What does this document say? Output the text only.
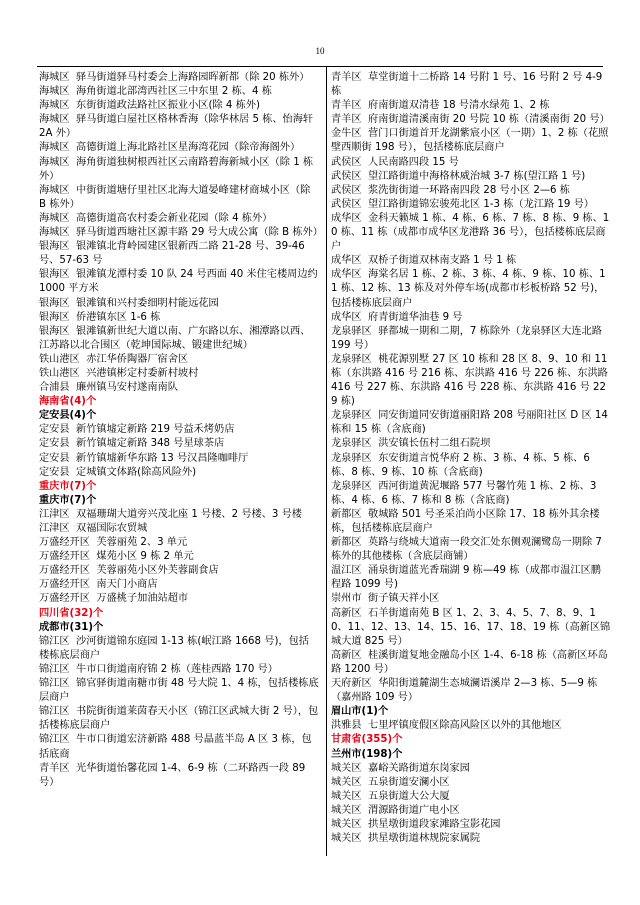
10
海城区  驿马街道驿马村委会上海路园晖新都（除 20 栋外）
海城区  海角街道北部湾西社区三中东里 2 栋、4 栋
海城区  东街街道政法路社区振业小区(除 4 栋外)
海城区  驿马街道白屋社区格林香海（除华林居 5 栋、怡海轩 2A 外）
海城区  高德街道上海北路社区星海湾花园（除帝海阁外）
海城区  海角街道独树根西社区云南路碧海新城小区（除 1 栋外）
海城区  中街街道塘仔里社区北海大道晏峰建材商城小区（除 B 栋外）
海城区  高德街道高农村委会新业花园（除 4 栋外）
海城区  驿马街道西塘社区源丰路 29 号大成公寓（除 B 栋外）
银海区  银滩镇北背岭园建区银新西二路 21-28 号、39-46 号、57-63 号
银海区  银滩镇龙潭村委 10 队 24 号西面 40 米住宅楼周边约 1000 平方米
银海区  银滩镇和兴村委细明村能远花园
银海区  侨港镇东区 1-6 栋
银海区  银滩镇新世纪大道以南、广东路以东、湘潭路以西、江苏路以北合围区（乾坤国际城、锻建世纪城）
铁山港区  赤江华侨陶器厂宿舍区
铁山港区  兴港镇彬定村委新村坡村
合浦县  廉州镇马安村遂南南队
海南省(4)个
定安县(4)个
定安县  新竹镇墟定新路 219 号益禾烤奶店
定安县  新竹镇墟定新路 348 号星球茶店
定安县  新竹镇墟新华东路 13 号汉昌隆咖啡厅
定安县  定城镇文体路(除高风险外)
重庆市(7)个
重庆市(7)个
江津区  双福珊瑚大道旁兴茂北座 1 号楼、2 号楼、3 号楼
江津区  双福国际农贸城
万盛经开区  芙蓉丽苑 2、3 单元
万盛经开区  煤苑小区 9 栋 2 单元
万盛经开区  芙蓉丽苑小区外芙蓉副食店
万盛经开区  南天门小商店
万盛经开区  万盛桃子加油站超市
四川省(32)个
成都市(31)个
锦江区  沙河街道锦东庭园 1-13 栋(岷江路 1668 号)，包括楼栋底层商户
锦江区  牛市口街道南府锦 2 栋（莲桂西路 170 号）
锦江区  锦官驿街道南糖市街 48 号大院 1、4 栋，包括楼栋底层商户
锦江区  书院街街道莱茵春天小区（锦江区武城大街 2 号），包括楼栋底层商户
锦江区  牛市口街道宏济新路 488 号晶蓝半岛 A 区 3 栋，包括底商
青羊区  光华街道怡馨花园 1-4、6-9 栋（二环路西一段 89 号）
青羊区  草堂街道十二桥路 14 号附 1 号、16 号附 2 号 4-9 栋
青羊区  府南街道双清巷 18 号清水绿苑 1、2 栋
青羊区  府南街道清溪南街 20 号院 10 栋（清溪南街 20 号）
金牛区  营门口街道首开龙湖紫宸小区（一期）1、2 栋（花照壁西顺街 198 号），包括楼栋底层商户
武侯区  人民南路四段 15 号
武侯区  望江路街道中海格林威治城 3-7 栋(望江路 1 号)
武侯区  浆洗街街道一环路南四段 28 号小区 2—6 栋
武侯区  望江路街道锦宏骏苑北区 1-3 栋（龙江路 19 号）
成华区  金科天籁城 1 栋、4 栋、6 栋、7 栋、8 栋、9 栋、10 栋、11 栋（成都市成华区龙港路 36 号），包括楼栋底层商户
成华区  双桥子街道双林南支路 1 号 1 栋
成华区  海棠名居 1 栋、2 栋、3 栋、4 栋、9 栋、10 栋、11 栋、12 栋、13 栋及对外停车场(成都市杉板桥路 52 号)，包括楼栋底层商户
成华区  府青街道华油巷 9 号
龙泉驿区  驿都城一期和二期，7 栋除外（龙泉驿区大连北路 199 号）
龙泉驿区  桃花源别墅 27 区 10 栋和 28 区 8、9、10 和 11 栋（东洪路 416 号 216 栋、东洪路 416 号 226 栋、东洪路 416 号 227 栋、东洪路 416 号 228 栋、东洪路 416 号 229 栋)
龙泉驿区  同安街道同安街道丽阳路 208 号丽阳社区 D 区 14 栋和 15 栋（含底商)
龙泉驿区  洪安镇长伍村二组石院坝
龙泉驿区  东安街道言悦华府 2 栋、3 栋、4 栋、5 栋、6 栋、8 栋、9 栋、10 栋（含底商)
龙泉驿区  西河街道黄泥堰路 577 号馨竹苑 1 栋、2 栋、3 栋、4 栋、6 栋、7 栋和 8 栋（含底商)
新都区  敬城路 501 号圣采泊尚小区除 17、18 栋外其余楼栋，包括楼栋底层商户
新都区  英路与绕城大道南一段交汇处东侧观澜鹭岛一期除 7 栋外的其他楼栋（含底层商铺）
温江区  涌泉街道蓝光香瑞湖 9 栋—49 栋（成都市温江区鹏程路 1099 号)
崇州市  街子镇天祥小区
高新区  石羊街道南苑 B 区 1、2、3、4、5、7、8、9、10、11、12、13、14、15、16、17、18、19 栋（高新区锦城大道 825 号）
高新区  桂溪街道复地金融岛小区 1-4、6-18 栋（高新区环岛路 1200 号）
天府新区  华阳街道麓湖生态城澜语溪岸 2—3 栋、5—9 栋（嘉州路 109 号）
眉山市(1)个
洪雅县  七里坪镇度假区除高风险区以外的其他地区
甘肃省(355)个
兰州市(198)个
城关区  嘉峪关路街道东岗家园
城关区  五泉街道安澜小区
城关区  五泉街道大公大厦
城关区  渭源路街道广电小区
城关区  拱星墩街道段家滩路宝影花园
城关区  拱星墩街道林规院家属院
